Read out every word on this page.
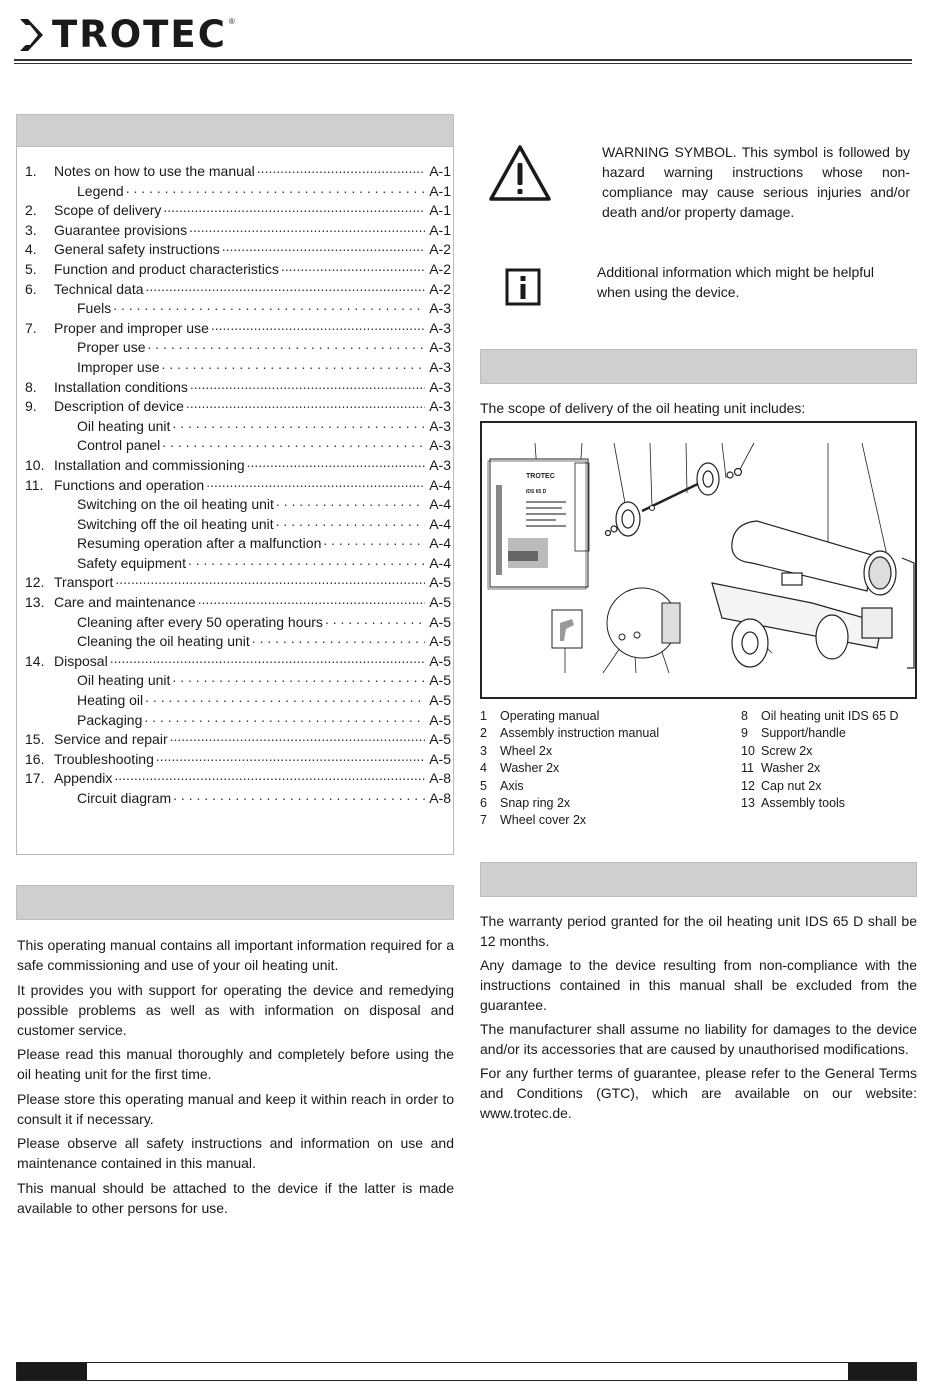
TROTEC ®
1.	Notes on how to use the manual .....	A-1
Legend . . .	A-1
2.	Scope of delivery .....	A-1
3.	Guarantee provisions .....	A-1
4.	General safety instructions .....	A-2
5.	Function and product characteristics .....	A-2
6.	Technical data .....	A-2
Fuels . . .	A-3
7.	Proper and improper use .....	A-3
Proper use . . .	A-3
Improper use . . .	A-3
8.	Installation conditions .....	A-3
9.	Description of device .....	A-3
Oil heating unit . . .	A-3
Control panel . . .	A-3
10. Installation and commissioning .....	A-3
11. Functions and operation .....	A-4
Switching on the oil heating unit . . .	A-4
Switching off the oil heating unit . . .	A-4
Resuming operation after a malfunction . . .	A-4
Safety equipment . . .	A-4
12. Transport .....	A-5
13. Care and maintenance .....	A-5
Cleaning after every 50 operating hours . . .	A-5
Cleaning the oil heating unit . . .	A-5
14. Disposal .....	A-5
Oil heating unit . . .	A-5
Heating oil . . .	A-5
Packaging . . .	A-5
15. Service and repair .....	A-5
16. Troubleshooting .....	A-5
17. Appendix .....	A-8
Circuit diagram . . .	A-8

This operating manual contains all important information required for a safe commissioning and use of your oil heating unit.

It provides you with support for operating the device and remedying possible problems as well as with information on disposal and customer service.

Please read this manual thoroughly and completely before using the oil heating unit for the first time.

Please store this operating manual and keep it within reach in order to consult it if necessary.

Please observe all safety instructions and information on use and maintenance contained in this manual.

This manual should be attached to the device if the latter is made available to other persons for use.

WARNING SYMBOL. This symbol is followed by hazard warning instructions whose non-compliance may cause serious injuries and/or death and/or property damage.
Additional information which might be helpful when using the device.
The scope of delivery of the oil heating unit includes:
TROTEC
IDS 65 D
1	Operating manual
2	Assembly instruction manual
3	Wheel 2x
4	Washer 2x
5	Axis
6	Snap ring 2x
7	Wheel cover 2x
8	Oil heating unit IDS 65 D
9	Support/handle
10 Screw 2x
11 Washer 2x
12 Cap nut 2x
13 Assembly tools

The warranty period granted for the oil heating unit IDS 65 D shall be 12 months.

Any damage to the device resulting from non-compliance with the instructions contained in this manual shall be excluded from the guarantee.

The manufacturer shall assume no liability for damages to the device and/or its accessories that are caused by unauthorised modifications.

For any further terms of guarantee, please refer to the General Terms and Conditions (GTC), which are available on our website: www.trotec.de.
